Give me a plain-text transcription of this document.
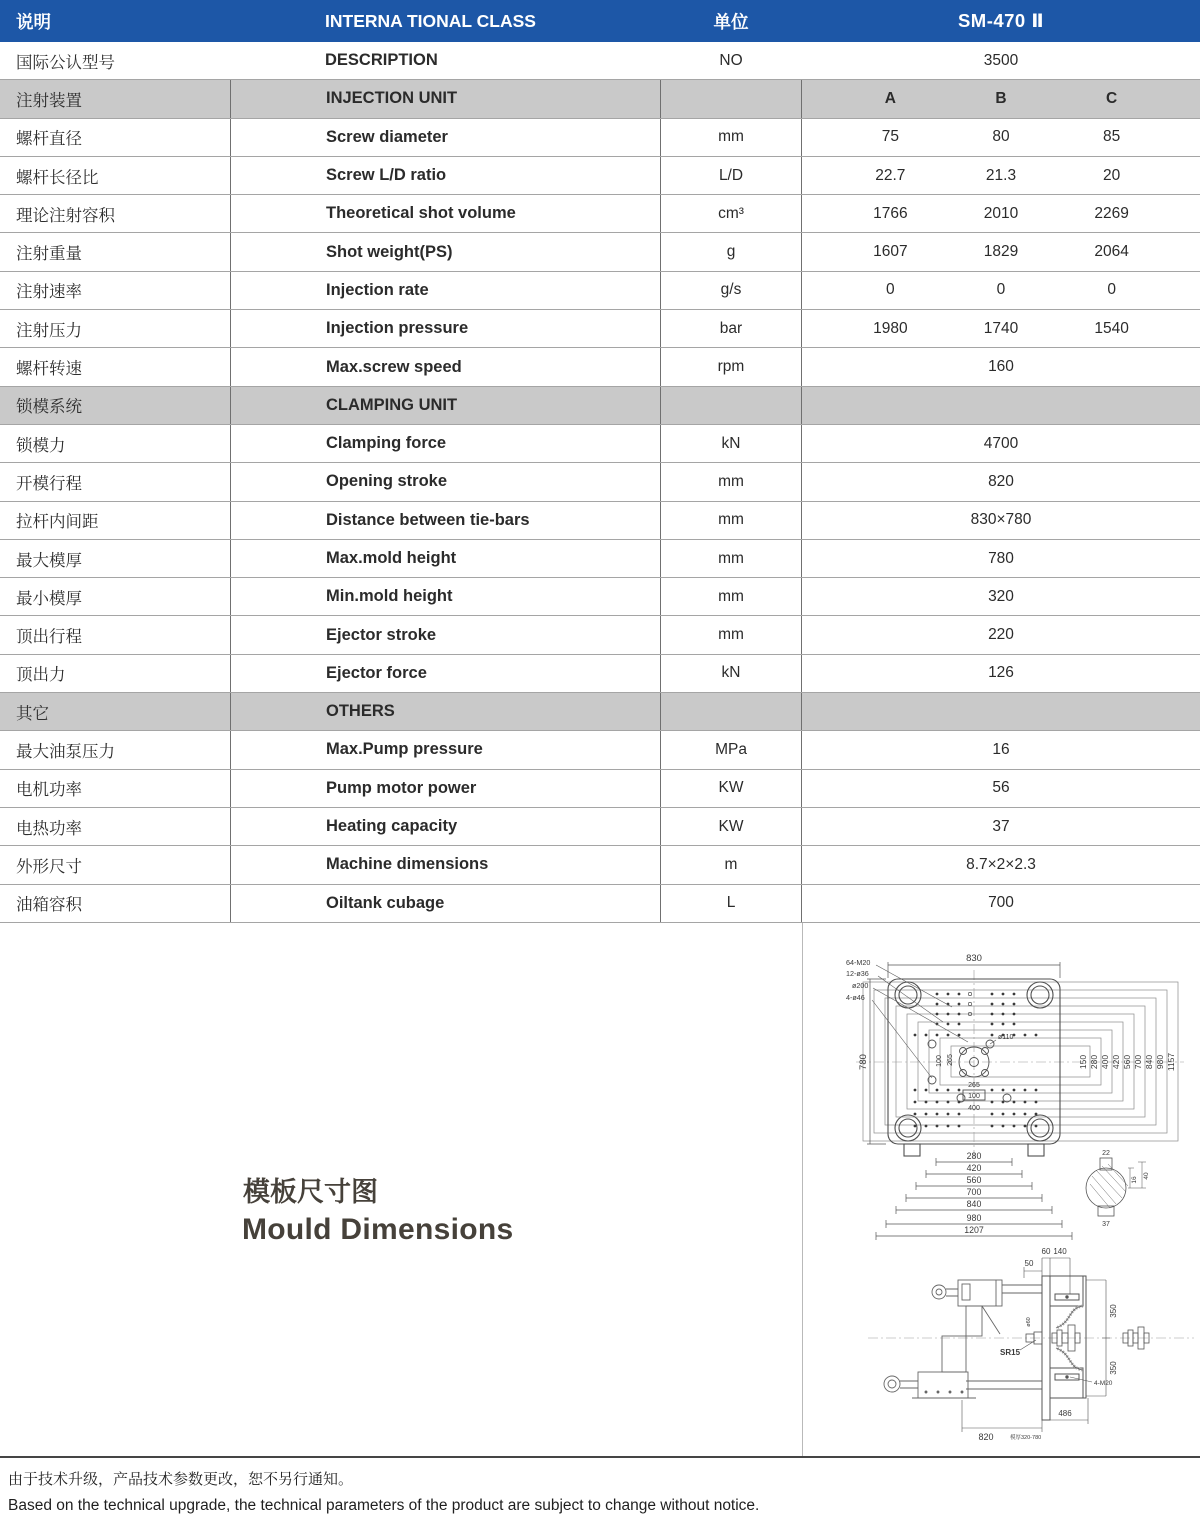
说明	INTERNA TIONAL CLASS	单位	SM-470 Ⅱ
国际公认型号	DESCRIPTION	NO	3500
注射装置	INJECTION UNIT	A	B	C
螺杆直径	Screw diameter	mm	75	80	85
螺杆长径比	Screw L/D ratio	L/D	22.7	21.3	20
理论注射容积	Theoretical shot volume	cm³	1766	2010	2269
注射重量	Shot weight(PS)	g	1607	1829	2064
注射速率	Injection rate	g/s	0	0	0
注射压力	Injection pressure	bar	1980	1740	1540
螺杆转速	Max.screw speed	rpm	160
锁模系统	CLAMPING UNIT
锁模力	Clamping force	kN	4700
开模行程	Opening stroke	mm	820
拉杆内间距	Distance between tie-bars	mm	830×780
最大模厚	Max.mold height	mm	780
最小模厚	Min.mold height	mm	320
顶出行程	Ejector stroke	mm	220
顶出力	Ejector force	kN	126
其它	OTHERS
最大油泵压力	Max.Pump pressure	MPa	16
电机功率	Pump motor power	KW	56
电热功率	Heating capacity	KW	37
外形尺寸	Machine dimensions	m	8.7×2×2.3
油箱容积	Oiltank cubage	L	700
模板尺寸图
Mould Dimensions
830
780
64-M20
12-ø36
ø200
4-ø46
ø110
100 265
265
100
400
150 280 400 420 560 700 840 980 1157
280
420
560
700
840
980
1207
22
16
40
37
50
60 140
350
350
SR15
ø60
4-M20
486
820	模厚320-780
由于技术升级，产品技术参数更改，恕不另行通知。
Based on the technical upgrade, the technical parameters of the product are subject to change without notice.
